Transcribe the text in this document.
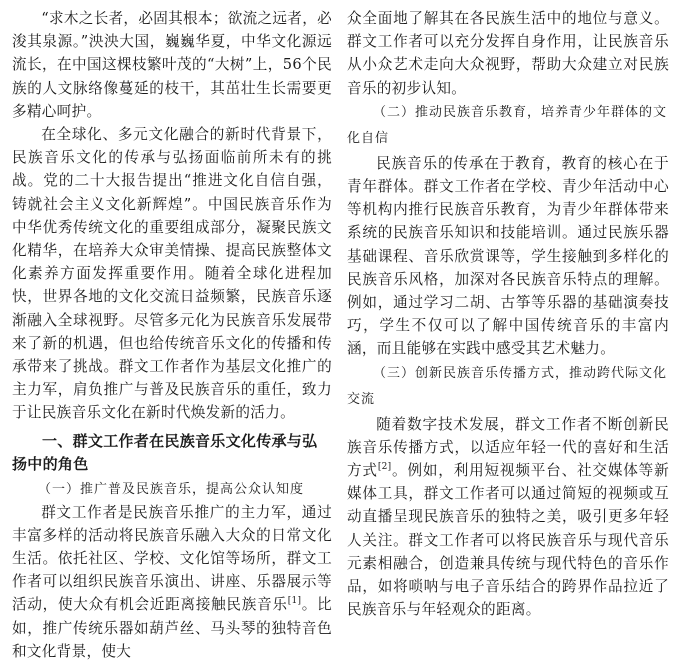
“求木之长者，必固其根本；欲流之远者，必浚其泉源。”泱泱大国，巍巍华夏，中华文化源远流长，在中国这棵枝繁叶茂的“大树”上，56个民族的人文脉络像蔓延的枝干，其茁壮生长需要更多精心呵护。

在全球化、多元文化融合的新时代背景下，民族音乐文化的传承与弘扬面临前所未有的挑战。党的二十大报告提出“推进文化自信自强，铸就社会主义文化新辉煌”。中国民族音乐作为中华优秀传统文化的重要组成部分，凝聚民族文化精华，在培养大众审美情操、提高民族整体文化素养方面发挥重要作用。随着全球化进程加快，世界各地的文化交流日益频繁，民族音乐逐渐融入全球视野。尽管多元化为民族音乐发展带来了新的机遇，但也给传统音乐文化的传播和传承带来了挑战。群文工作者作为基层文化推广的主力军，肩负推广与普及民族音乐的重任，致力于让民族音乐文化在新时代焕发新的活力。

一、群文工作者在民族音乐文化传承与弘扬中的角色
（一）推广普及民族音乐，提高公众认知度

群文工作者是民族音乐推广的主力军，通过丰富多样的活动将民族音乐融入大众的日常文化生活。依托社区、学校、文化馆等场所，群文工作者可以组织民族音乐演出、讲座、乐器展示等活动，使大众有机会近距离接触民族音乐[1]。比如，推广传统乐器如葫芦丝、马头琴的独特音色和文化背景，使大

众全面地了解其在各民族生活中的地位与意义。群文工作者可以充分发挥自身作用，让民族音乐从小众艺术走向大众视野，帮助大众建立对民族音乐的初步认知。

（二）推动民族音乐教育，培养青少年群体的文化自信

民族音乐的传承在于教育，教育的核心在于青年群体。群文工作者在学校、青少年活动中心等机构内推行民族音乐教育，为青少年群体带来系统的民族音乐知识和技能培训。通过民族乐器基础课程、音乐欣赏课等，学生接触到多样化的民族音乐风格，加深对各民族音乐特点的理解。例如，通过学习二胡、古筝等乐器的基础演奏技巧，学生不仅可以了解中国传统音乐的丰富内涵，而且能够在实践中感受其艺术魅力。

（三）创新民族音乐传播方式，推动跨代际文化交流

随着数字技术发展，群文工作者不断创新民族音乐传播方式，以适应年轻一代的喜好和生活方式[2]。例如，利用短视频平台、社交媒体等新媒体工具，群文工作者可以通过简短的视频或互动直播呈现民族音乐的独特之美，吸引更多年轻人关注。群文工作者可以将民族音乐与现代音乐元素相融合，创造兼具传统与现代特色的音乐作品，如将唢呐与电子音乐结合的跨界作品拉近了民族音乐与年轻观众的距离。
